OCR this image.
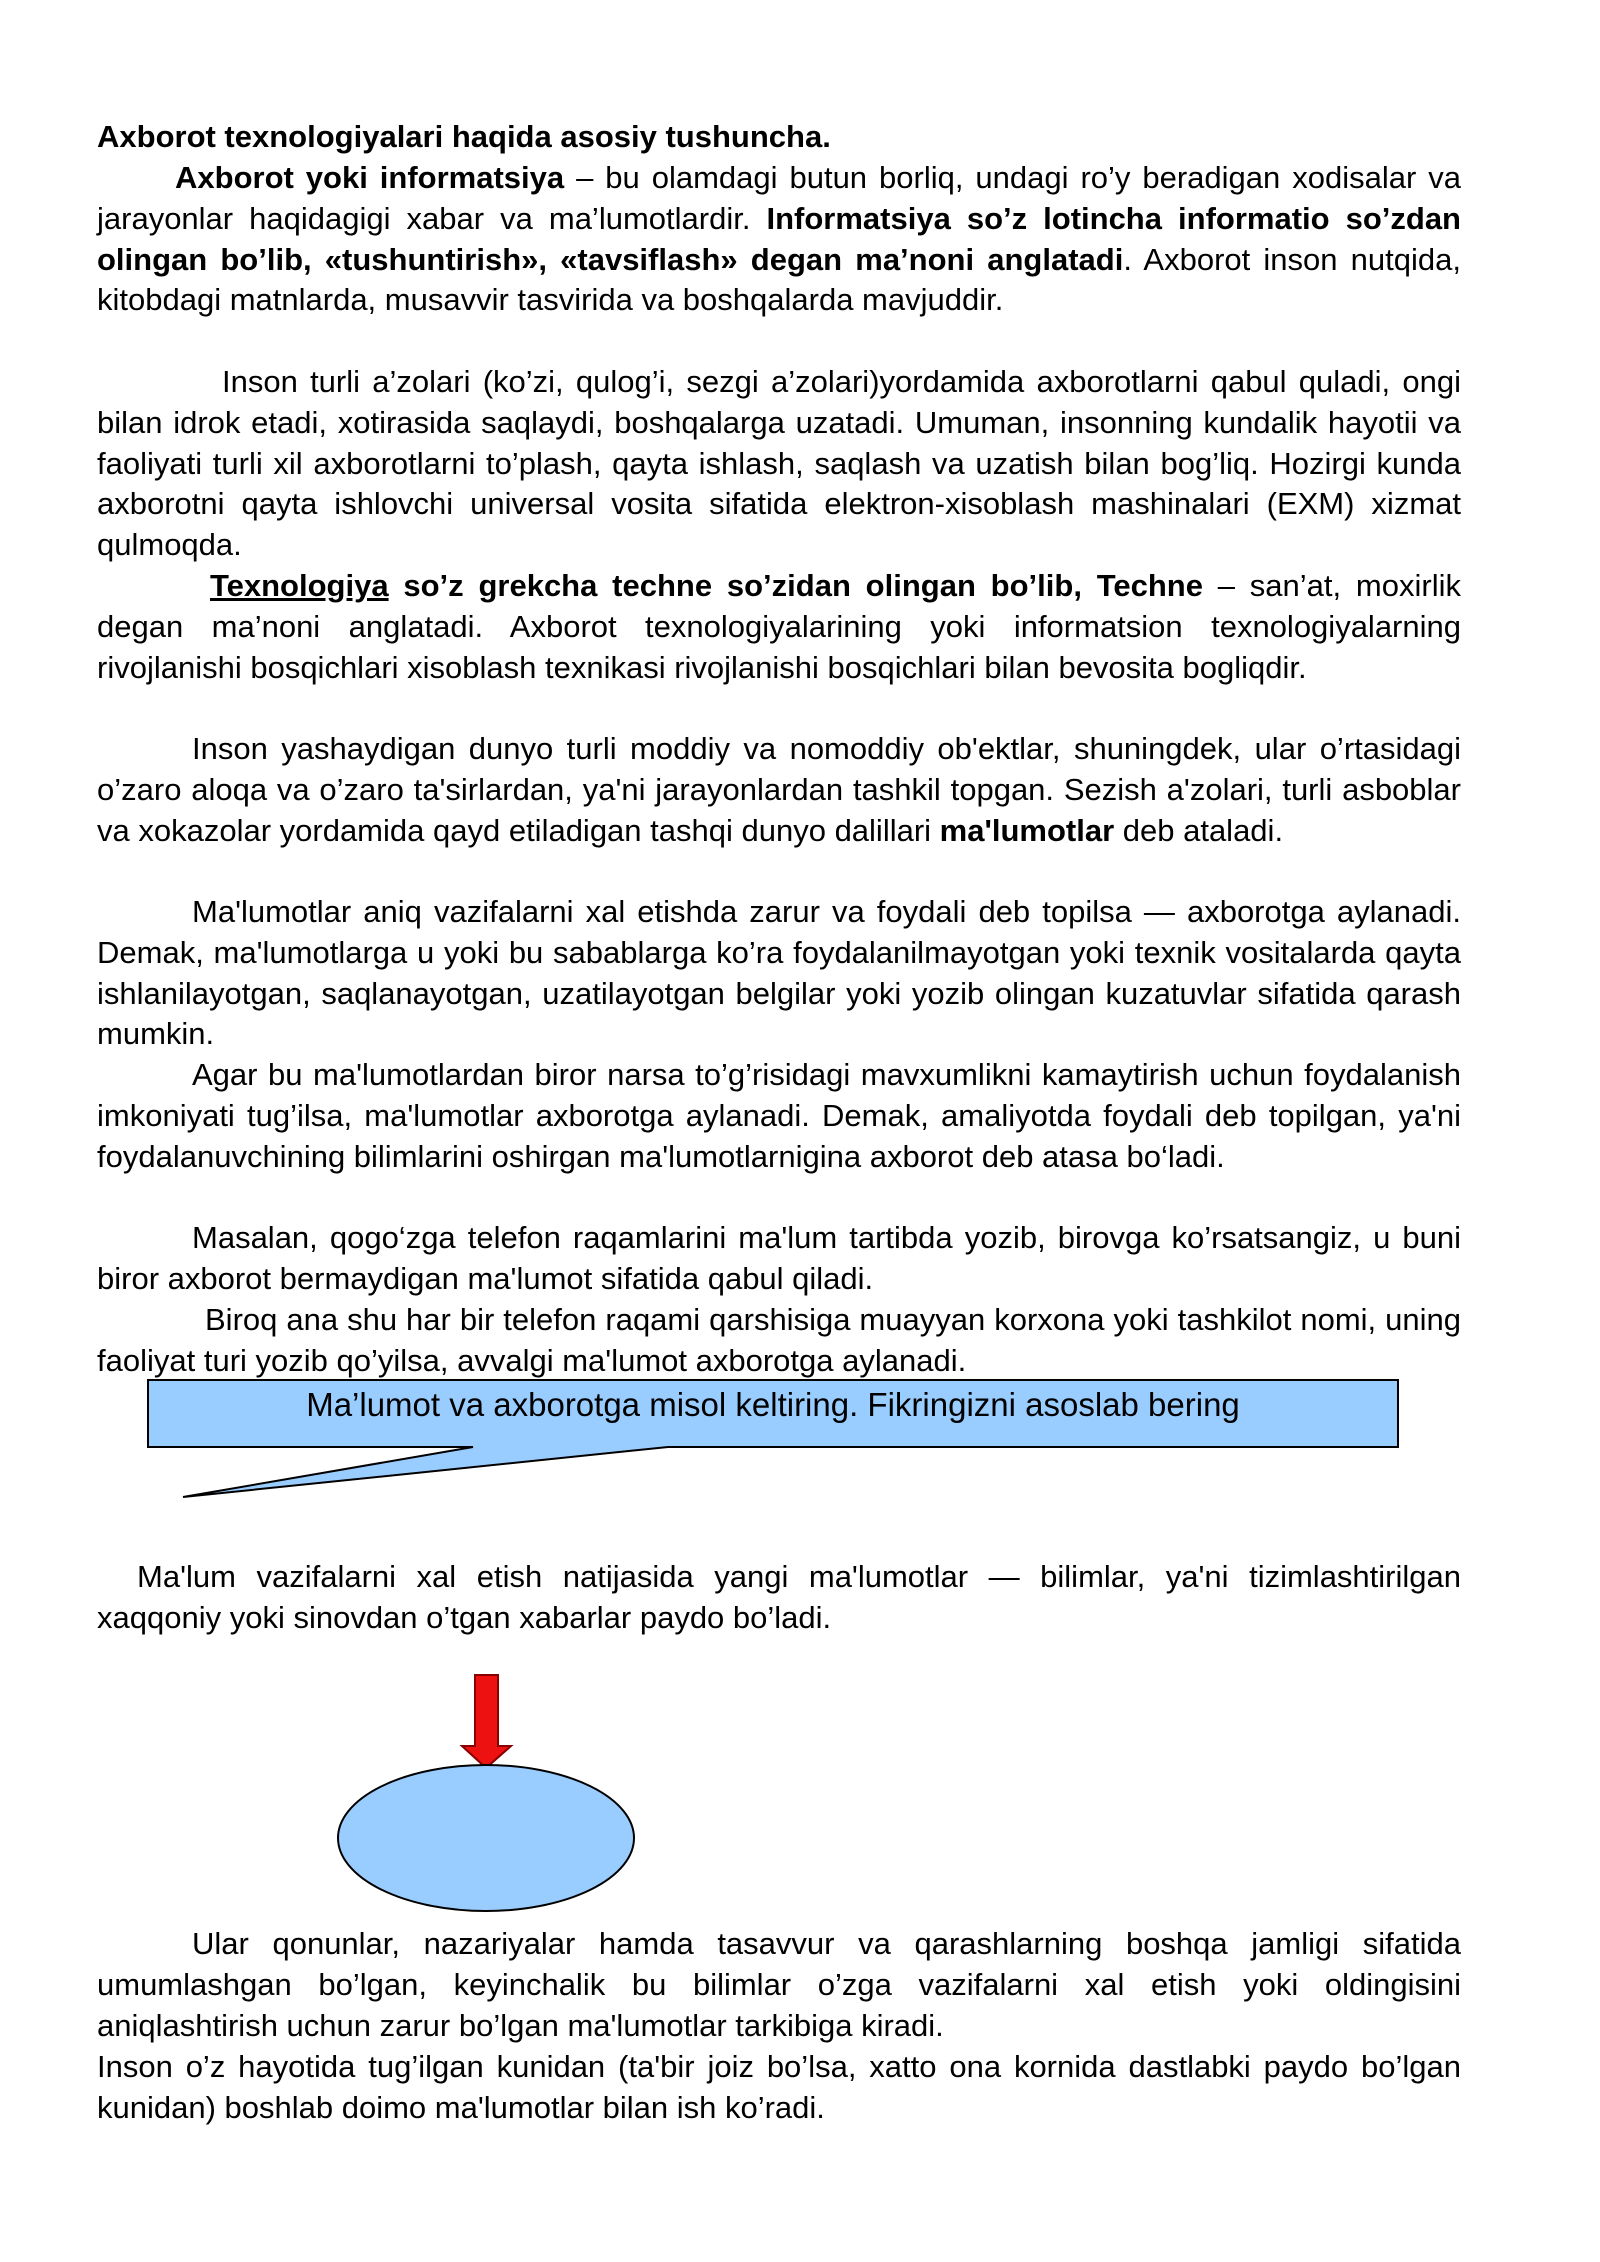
Axborot texnologiyalari haqida asosiy tushuncha.

Axborot yoki informatsiya – bu olamdagi butun borliq, undagi ro’y beradigan xodisalar va jarayonlar haqidagigi xabar va ma’lumotlardir. Informatsiya so’z lotincha informatio so’zdan olingan bo’lib, «tushuntirish», «tavsiflash» degan ma’noni anglatadi. Axborot inson nutqida, kitobdagi matnlarda, musavvir tasvirida va boshqalarda mavjuddir.

Inson turli a’zolari (ko’zi, qulog’i, sezgi a’zolari)yordamida axborotlarni qabul quladi, ongi bilan idrok etadi, xotirasida saqlaydi, boshqalarga uzatadi. Umuman, insonning kundalik hayotii va faoliyati turli xil axborotlarni to’plash, qayta ishlash, saqlash va uzatish bilan bog’liq. Hozirgi kunda axborotni qayta ishlovchi universal vosita sifatida elektron-xisoblash mashinalari (EXM) xizmat qulmoqda.

Texnologiya so’z grekcha techne so’zidan olingan bo’lib, Techne – san’at, moxirlik degan ma’noni anglatadi. Axborot texnologiyalarining yoki informatsion texnologiyalarning rivojlanishi bosqichlari xisoblash texnikasi rivojlanishi bosqichlari bilan bevosita bogliqdir.

Inson yashaydigan dunyo turli moddiy va nomoddiy ob'ektlar, shuningdek, ular o’rtasidagi o’zaro aloqa va o’zaro ta'sirlardan, ya'ni jarayonlardan tashkil topgan. Sezish a'zolari, turli asboblar va xokazolar yordamida qayd etiladigan tashqi dunyo dalillari ma'lumotlar deb ataladi.

Ma'lumotlar aniq vazifalarni xal etishda zarur va foydali deb topilsa — axborotga aylanadi. Demak, ma'lumotlarga u yoki bu sabablarga ko’ra foydalanilmayotgan yoki texnik vositalarda qayta ishlanilayotgan, saqlanayotgan, uzatilayotgan belgilar yoki yozib olingan kuzatuvlar sifatida qarash mumkin.

Agar bu ma'lumotlardan biror narsa to’g’risidagi mavxumlikni kamaytirish uchun foydalanish imkoniyati tug’ilsa, ma'lumotlar axborotga aylanadi. Demak, amaliyotda foydali deb topilgan, ya'ni foydalanuvchining bilimlarini oshirgan ma'lumotlarnigina axborot deb atasa bo‘ladi.

Masalan, qogo‘zga telefon raqamlarini ma'lum tartibda yozib, birovga ko’rsatsangiz, u buni biror axborot bermaydigan ma'lumot sifatida qabul qiladi.

Biroq ana shu har bir telefon raqami qarshisiga muayyan korxona yoki tashkilot nomi, uning faoliyat turi yozib qo’yilsa, avvalgi ma'lumot axborotga aylanadi.

Ma’lumot va axborotga misol keltiring. Fikringizni asoslab bering

Ma'lum vazifalarni xal etish natijasida yangi ma'lumotlar — bilimlar, ya'ni tizimlashtirilgan xaqqoniy yoki sinovdan o’tgan xabarlar paydo bo’ladi.

Ular qonunlar, nazariyalar hamda tasavvur va qarashlarning boshqa jamligi sifatida umumlashgan bo’lgan, keyinchalik bu bilimlar o’zga vazifalarni xal etish yoki oldingisini aniqlashtirish uchun zarur bo’lgan ma'lumotlar tarkibiga kiradi.

Inson o’z hayotida tug’ilgan kunidan (ta'bir joiz bo’lsa, xatto ona kornida dastlabki paydo bo’lgan kunidan) boshlab doimo ma'lumotlar bilan ish ko’radi.
